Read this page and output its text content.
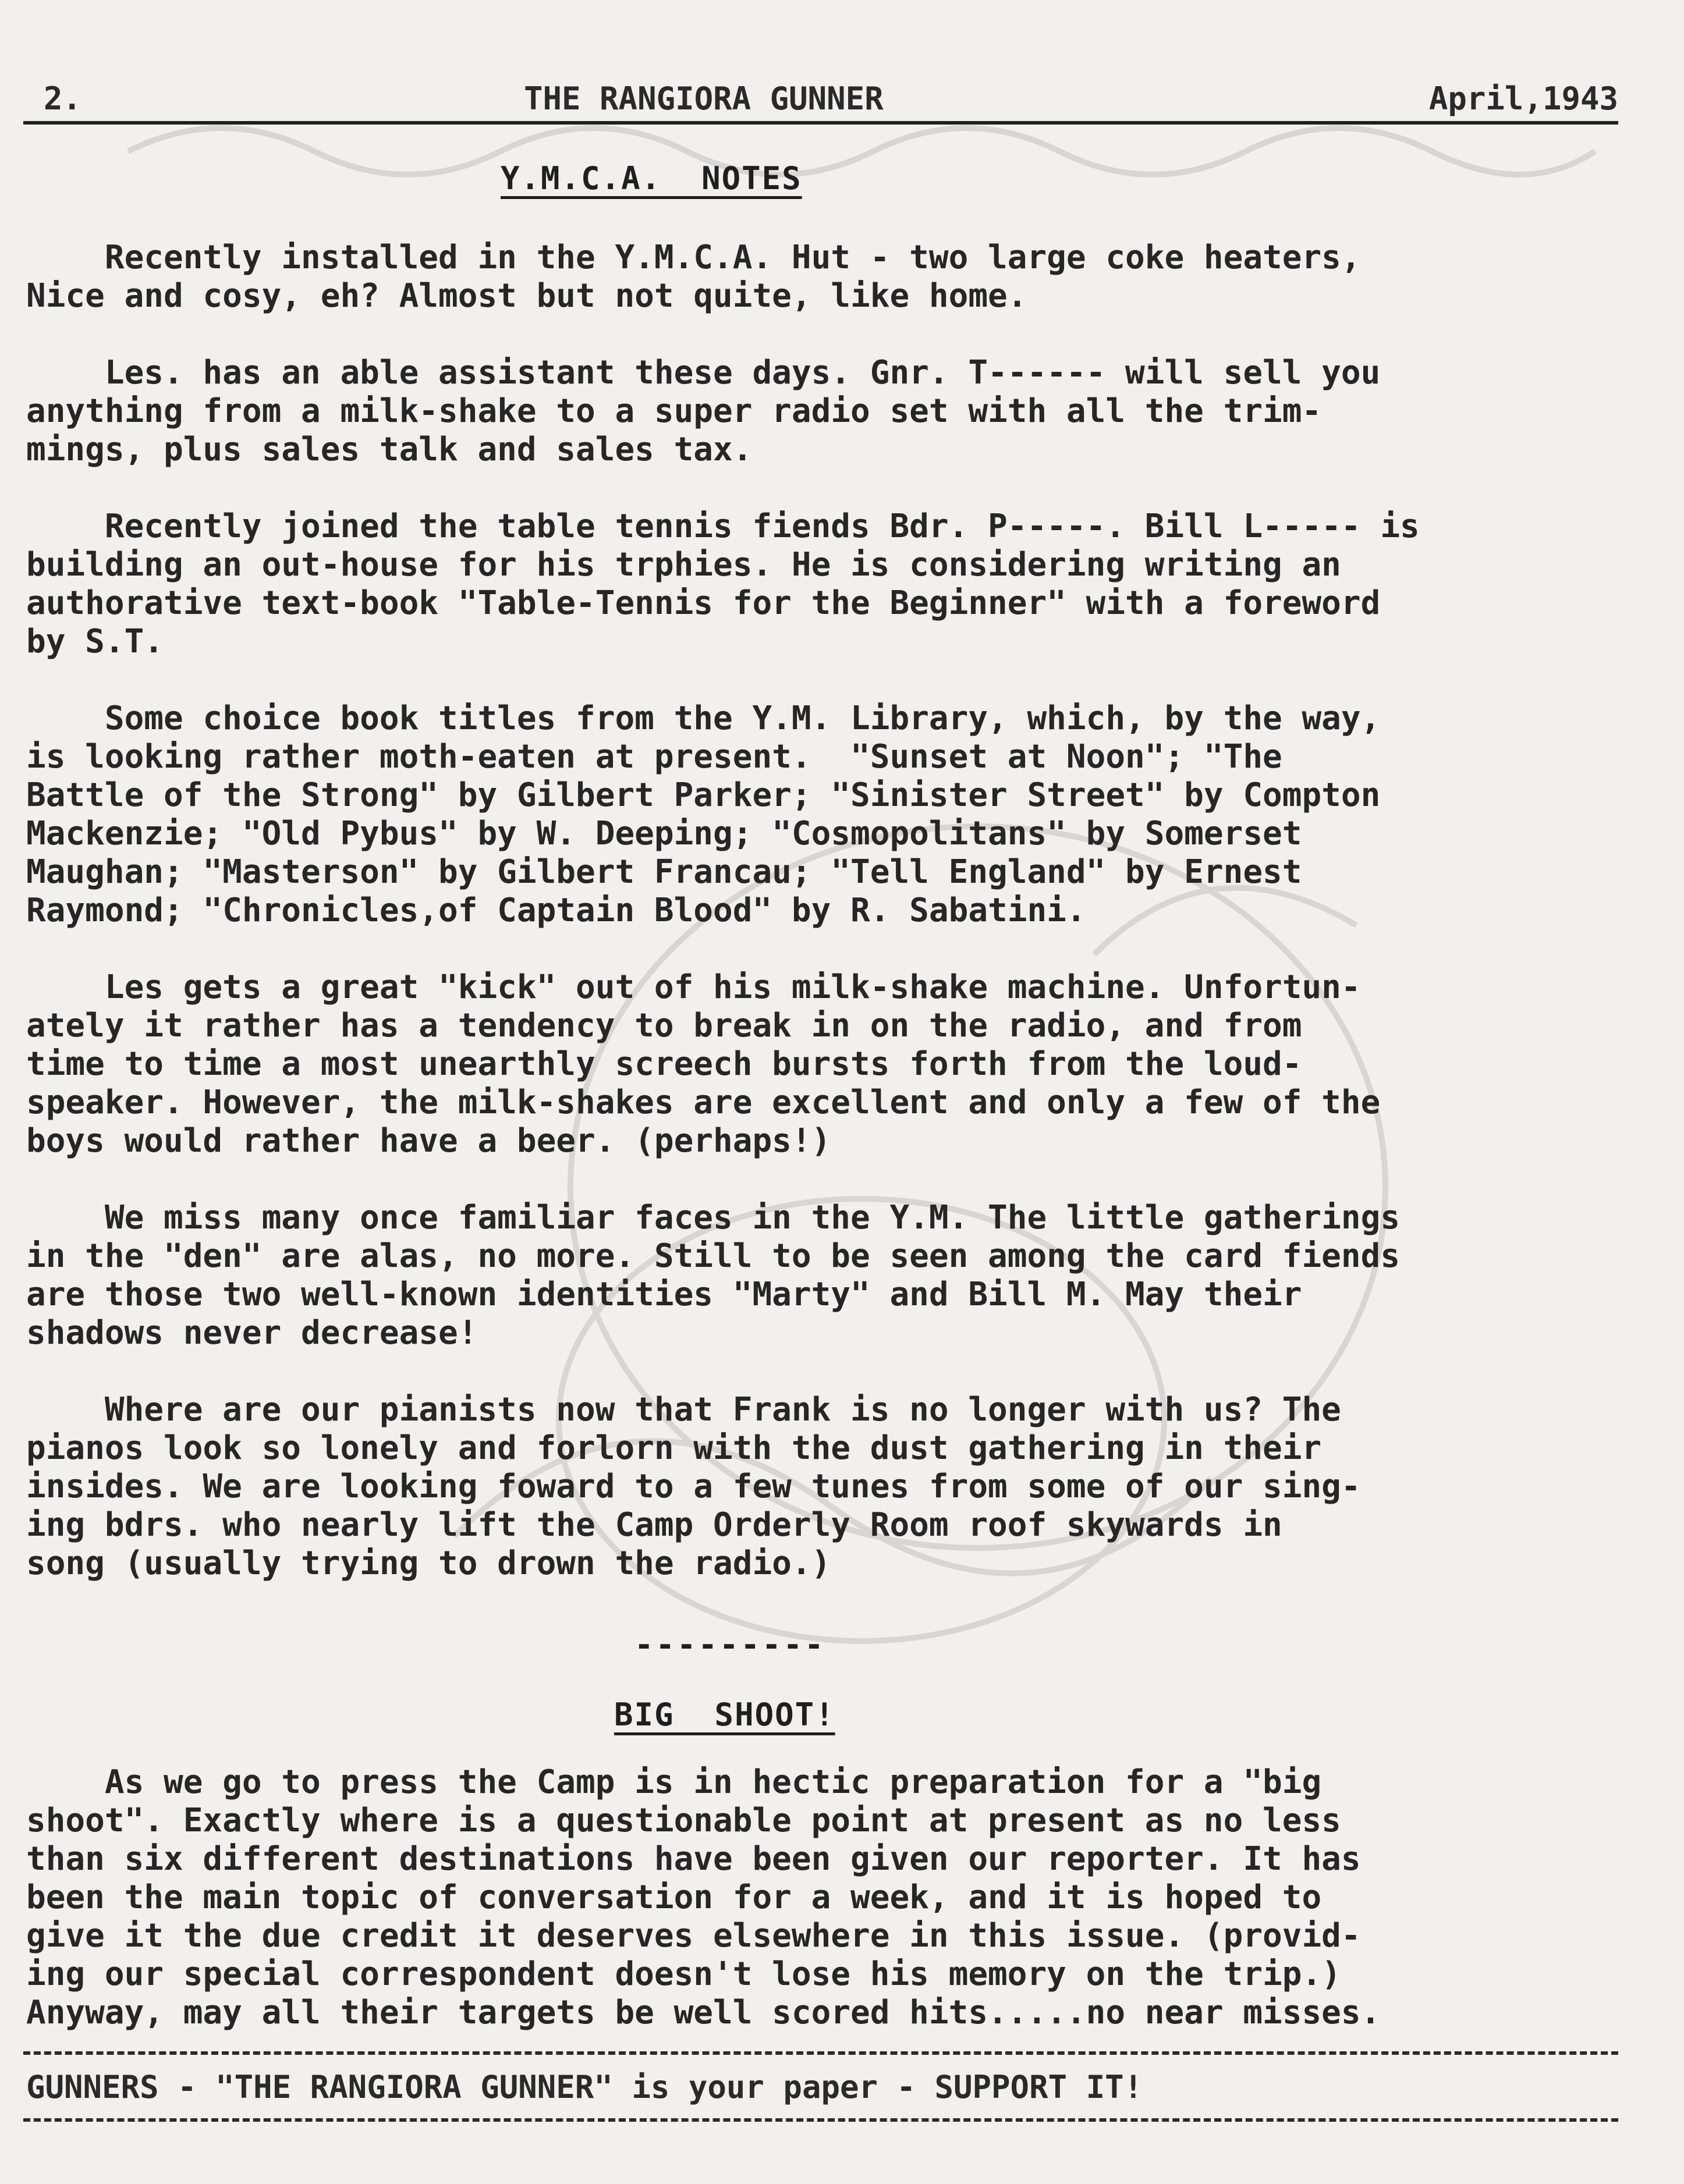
2.	THE RANGIORA GUNNER	April,1943
Y.M.C.A.  NOTES

Recently installed in the Y.M.C.A. Hut - two large coke heaters,
Nice and cosy, eh? Almost but not quite, like home.

Les. has an able assistant these days. Gnr. T------ will sell you
anything from a milk-shake to a super radio set with all the trim-
mings, plus sales talk and sales tax.

Recently joined the table tennis fiends Bdr. P-----. Bill L----- is
building an out-house for his trphies. He is considering writing an
authorative text-book "Table-Tennis for the Beginner" with a foreword
by S.T.

Some choice book titles from the Y.M. Library, which, by the way,
is looking rather moth-eaten at present.  "Sunset at Noon"; "The
Battle of the Strong" by Gilbert Parker; "Sinister Street" by Compton
Mackenzie; "Old Pybus" by W. Deeping; "Cosmopolitans" by Somerset
Maughan; "Masterson" by Gilbert Francau; "Tell England" by Ernest
Raymond; "Chronicles,of Captain Blood" by R. Sabatini.

Les gets a great "kick" out of his milk-shake machine. Unfortun-
ately it rather has a tendency to break in on the radio, and from
time to time a most unearthly screech bursts forth from the loud-
speaker. However, the milk-shakes are excellent and only a few of the
boys would rather have a beer. (perhaps!)

We miss many once familiar faces in the Y.M. The little gatherings
in the "den" are alas, no more. Still to be seen among the card fiends
are those two well-known identities "Marty" and Bill M. May their
shadows never decrease!

Where are our pianists now that Frank is no longer with us? The
pianos look so lonely and forlorn with the dust gathering in their
insides. We are looking foward to a few tunes from some of our sing-
ing bdrs. who nearly lift the Camp Orderly Room roof skywards in
song (usually trying to drown the radio.)

---------
BIG  SHOOT!

As we go to press the Camp is in hectic preparation for a "big
shoot". Exactly where is a questionable point at present as no less
than six different destinations have been given our reporter. It has
been the main topic of conversation for a week, and it is hoped to
give it the due credit it deserves elsewhere in this issue. (provid-
ing our special correspondent doesn't lose his memory on the trip.)
Anyway, may all their targets be well scored hits.....no near misses.

GUNNERS - "THE RANGIORA GUNNER" is your paper - SUPPORT IT!
